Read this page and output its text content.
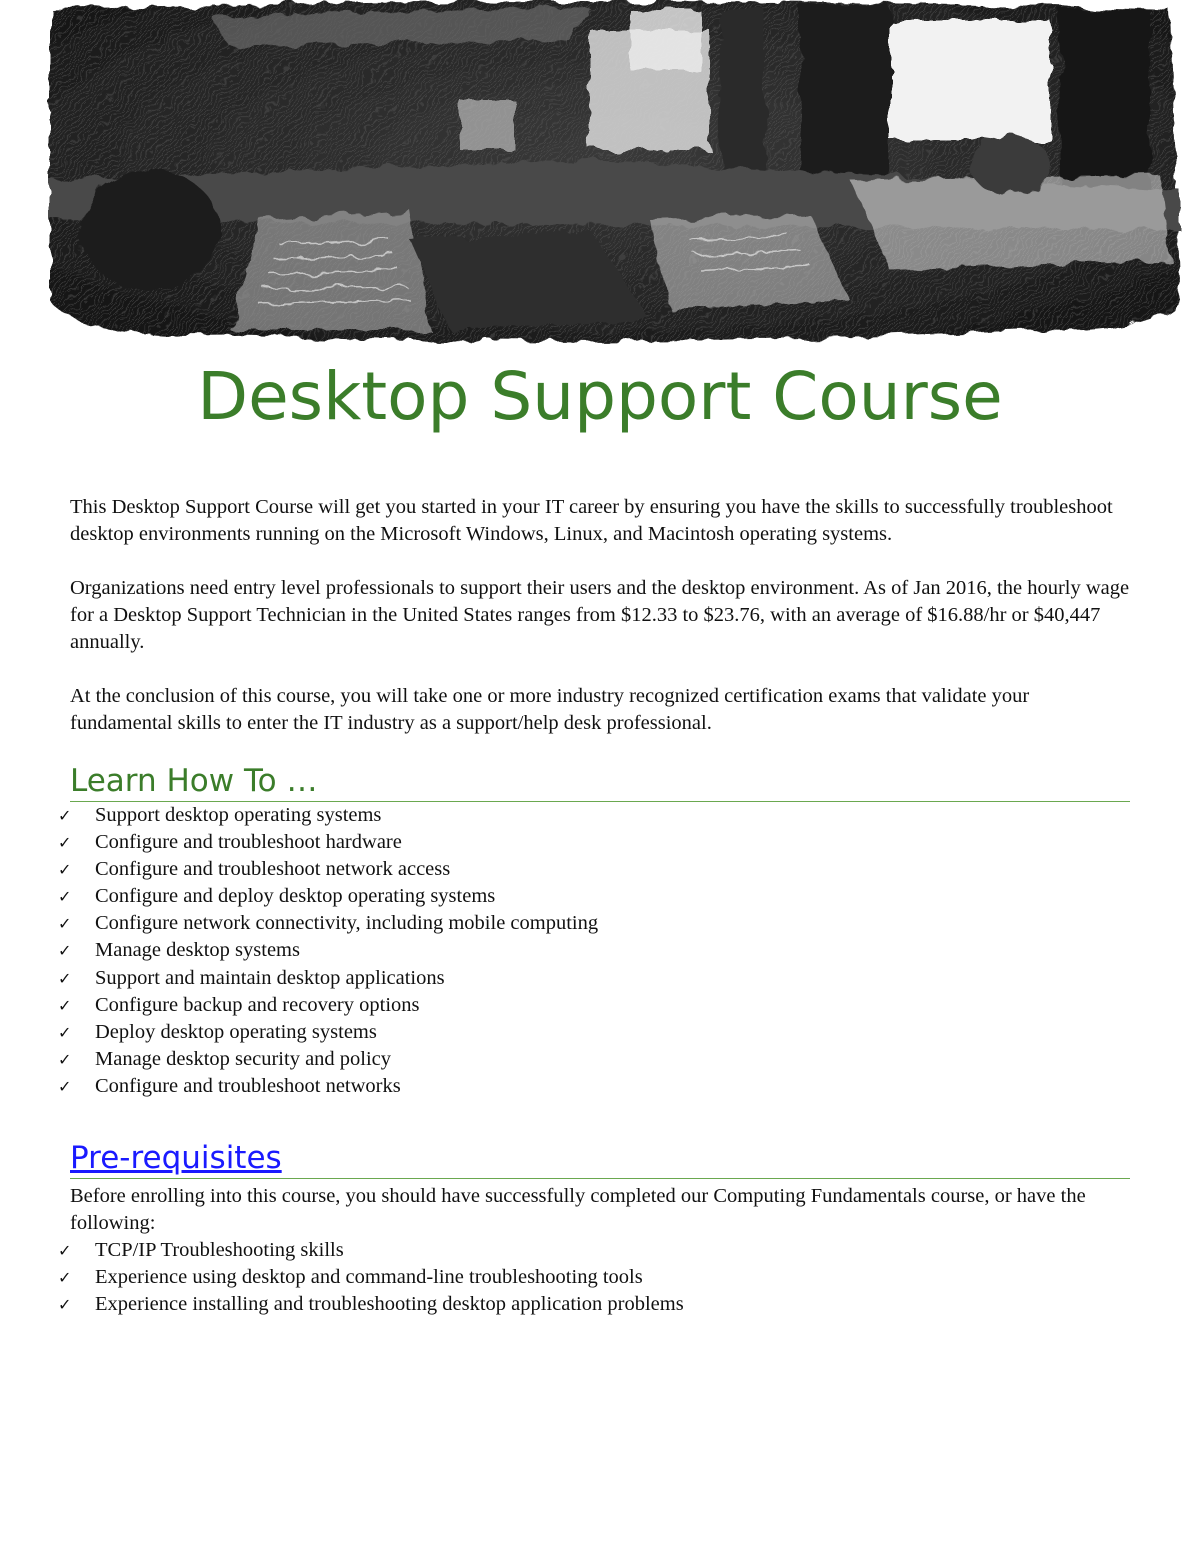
Desktop Support Course

This Desktop Support Course will get you started in your IT career by ensuring you have the skills to successfully troubleshoot desktop environments running on the Microsoft Windows, Linux, and Macintosh operating systems.

Organizations need entry level professionals to support their users and the desktop environment. As of Jan 2016, the hourly wage for a Desktop Support Technician in the United States ranges from $12.33 to $23.76, with an average of $16.88/hr or $40,447 annually.

At the conclusion of this course, you will take one or more industry recognized certification exams that validate your fundamental skills to enter the IT industry as a support/help desk professional.

Learn How To …
✓	Support desktop operating systems
✓	Configure and troubleshoot hardware
✓	Configure and troubleshoot network access
✓	Configure and deploy desktop operating systems
✓	Configure network connectivity, including mobile computing
✓	Manage desktop systems
✓	Support and maintain desktop applications
✓	Configure backup and recovery options
✓	Deploy desktop operating systems
✓	Manage desktop security and policy
✓	Configure and troubleshoot networks
Pre-requisites

Before enrolling into this course, you should have successfully completed our Computing Fundamentals course, or have the following:

✓	TCP/IP Troubleshooting skills
✓	Experience using desktop and command-line troubleshooting tools
✓	Experience installing and troubleshooting desktop application problems
